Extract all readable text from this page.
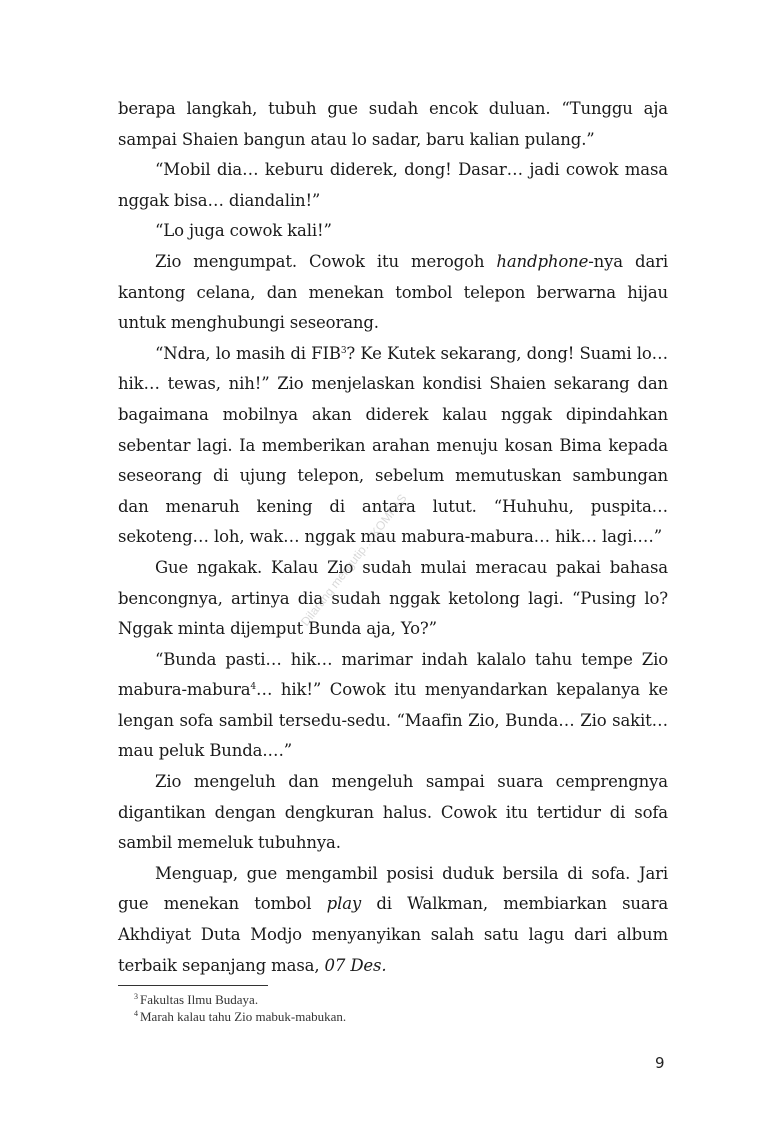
berapa langkah, tubuh gue sudah encok duluan. “Tunggu aja sampai Shaien bangun atau lo sadar, baru kalian pulang.”

“Mobil dia… keburu diderek, dong! Dasar… jadi cowok masa nggak bisa… diandalin!”

“Lo juga cowok kali!”

Zio mengumpat. Cowok itu merogoh handphone-nya dari kantong celana, dan menekan tombol telepon berwarna hijau untuk menghubungi seseorang.

“Ndra, lo masih di FIB$^3$? Ke Kutek sekarang, dong! Suami lo… hik… tewas, nih!” Zio menjelaskan kondisi Shaien sekarang dan bagaimana mobilnya akan diderek kalau nggak dipindahkan sebentar lagi. Ia memberikan arahan menuju kosan Bima kepada seseorang di ujung telepon, sebelum memutuskan sambungan dan menaruh kening di antara lutut. “Huhuhu, puspita… sekoteng… loh, wak… nggak mau mabura-mabura… hik… lagi.…”

Gue ngakak. Kalau Zio sudah mulai meracau pakai bahasa bencongnya, artinya dia sudah nggak ketolong lagi. “Pusing lo? Nggak minta dijemput Bunda aja, Yo?”

“Bunda pasti… hik… marimar indah kalalo tahu tempe Zio mabura-mabura$^4$… hik!” Cowok itu menyandarkan kepalanya ke lengan sofa sambil tersedu-sedu. “Maafin Zio, Bunda… Zio sakit… mau peluk Bunda.…”

Zio mengeluh dan mengeluh sampai suara cemprengnya digantikan dengan dengkuran halus. Cowok itu tertidur di sofa sambil memeluk tubuhnya.

Menguap, gue mengambil posisi duduk bersila di sofa. Jari gue menekan tombol play di Walkman, membiarkan suara Akhdiyat Duta Modjo menyanyikan salah satu lagu dari album terbaik sepanjang masa, 07 Des.

$^3$ Fakultas Ilmu Budaya.
$^4$ Marah kalau tahu Zio mabuk-mabukan.
9
Dilarang mengutip… KOMPAS
